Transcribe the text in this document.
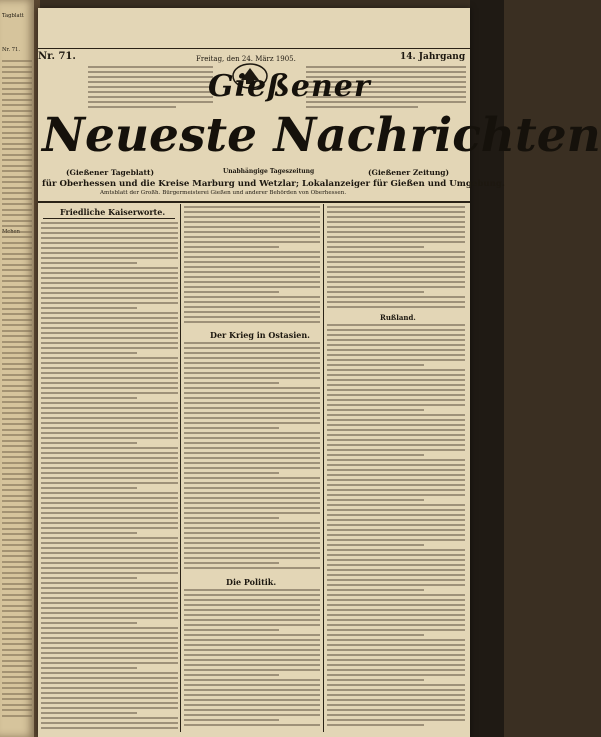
Tagblatt
Nr. 71.
Nr. 71.	Freitag, den 24. März 1905.	14. Jahrgang
Gießener
Neueste Nachrichten
(Gießener Tageblatt)	Unabhängige Tageszeitung	(Gießener Zeitung)
für Oberhessen und die Kreise Marburg und Wetzlar; Lokalanzeiger für Gießen und Umgebung.
Amtsblatt der Großh. Bürgermeisterei Gießen und anderer Behörden von Oberhessen.
Friedliche Kaiserworte.
Der Krieg in Ostasien.
Die Politik.
Rußland.
